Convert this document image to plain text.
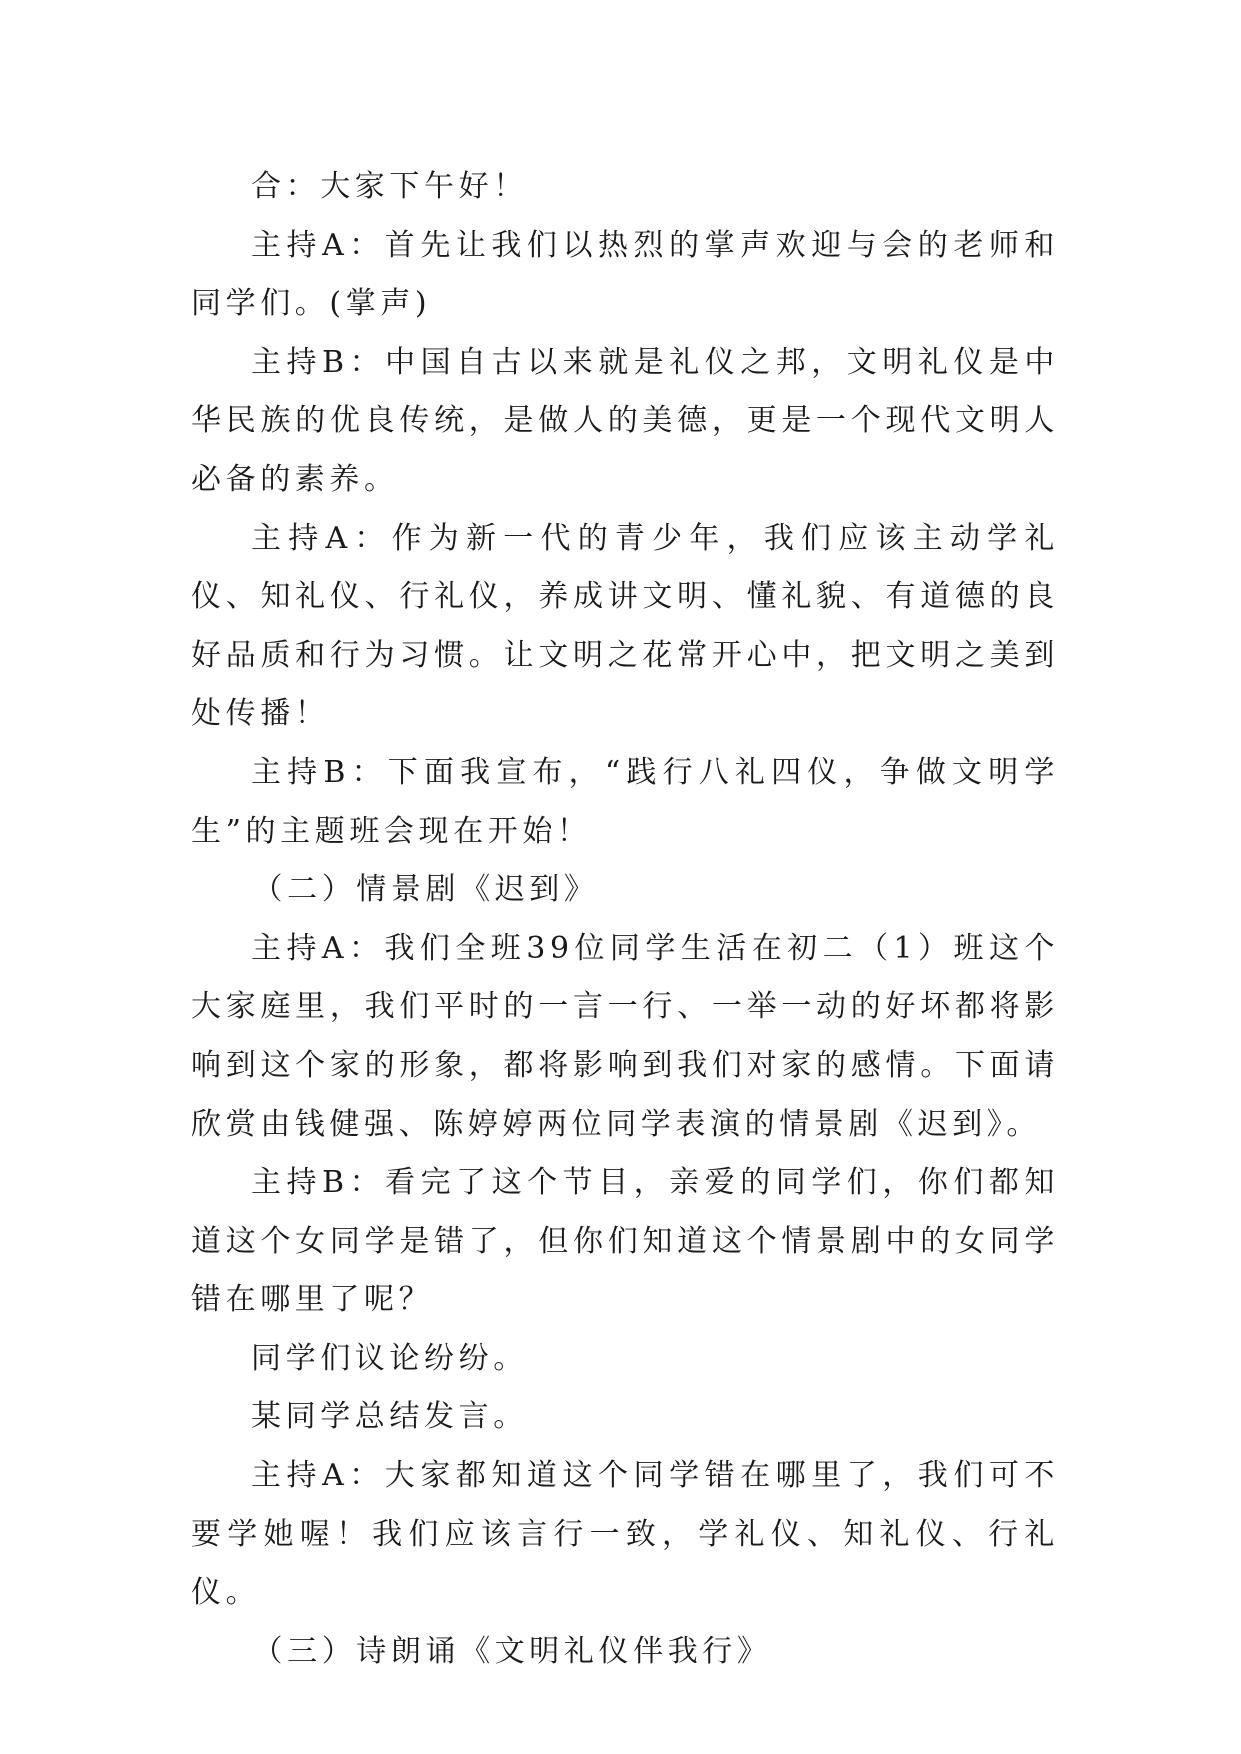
合：大家下午好！

主持A：首先让我们以热烈的掌声欢迎与会的老师和同学们。(掌声)

主持B：中国自古以来就是礼仪之邦，文明礼仪是中华民族的优良传统，是做人的美德，更是一个现代文明人必备的素养。

主持A：作为新一代的青少年，我们应该主动学礼仪、知礼仪、行礼仪，养成讲文明、懂礼貌、有道德的良好品质和行为习惯。让文明之花常开心中，把文明之美到处传播！

主持B：下面我宣布，“践行八礼四仪，争做文明学生”的主题班会现在开始！

（二）情景剧《迟到》

主持A：我们全班39位同学生活在初二（1）班这个大家庭里，我们平时的一言一行、一举一动的好坏都将影响到这个家的形象，都将影响到我们对家的感情。下面请欣赏由钱健强、陈婷婷两位同学表演的情景剧《迟到》。

主持B：看完了这个节目，亲爱的同学们，你们都知道这个女同学是错了，但你们知道这个情景剧中的女同学错在哪里了呢？

同学们议论纷纷。

某同学总结发言。

主持A：大家都知道这个同学错在哪里了，我们可不要学她喔！我们应该言行一致，学礼仪、知礼仪、行礼仪。

（三）诗朗诵《文明礼仪伴我行》
